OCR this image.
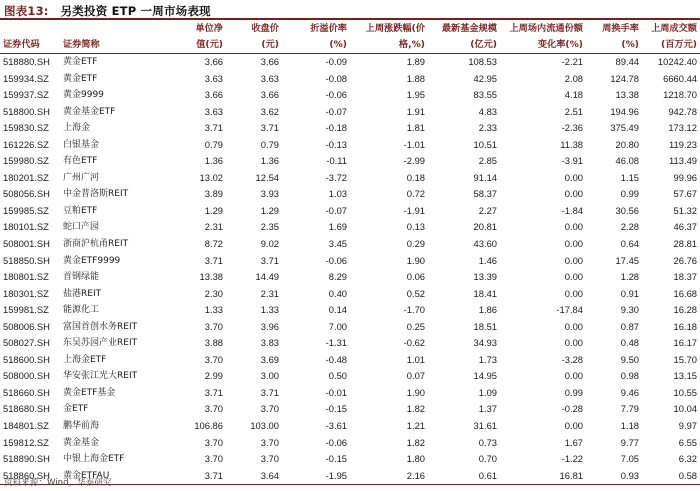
图表13: 另类投资 ETP 一周市场表现
		单位净	收盘价	折溢价率	上周涨跌幅(价	最新基金规模	上周场内流通份额	周换手率	上周成交额
证券代码	证券简称	值(元)	(元)	(%)	格,%)	(亿元)	变化率(%)	(%)	(百万元)
518880.SH	黄金ETF	3.66	3.66	-0.09	1.89	108.53	-2.21	89.44	10242.40
159934.SZ	黄金ETF	3.63	3.63	-0.08	1.88	42.95	2.08	124.78	6660.44
159937.SZ	黄金9999	3.66	3.66	-0.06	1.95	83.55	4.18	13.38	1218.70
518800.SH	黄金基金ETF	3.63	3.62	-0.07	1.91	4.83	2.51	194.96	942.78
159830.SZ	上海金	3.71	3.71	-0.18	1.81	2.33	-2.36	375.49	173.12
161226.SZ	白银基金	0.79	0.79	-0.13	-1.01	10.51	11.38	20.80	119.23
159980.SZ	有色ETF	1.36	1.36	-0.11	-2.99	2.85	-3.91	46.08	113.49
180201.SZ	广州广河	13.02	12.54	-3.72	0.18	91.14	0.00	1.15	99.96
508056.SH	中金普洛斯REIT	3.89	3.93	1.03	0.72	58.37	0.00	0.99	57.67
159985.SZ	豆粕ETF	1.29	1.29	-0.07	-1.91	2.27	-1.84	30.56	51.32
180101.SZ	蛇口产园	2.31	2.35	1.69	0.13	20.81	0.00	2.28	46.37
508001.SH	浙商沪杭甬REIT	8.72	9.02	3.45	0.29	43.60	0.00	0.64	28.81
518850.SH	黄金ETF9999	3.71	3.71	-0.06	1.90	1.46	0.00	17.45	26.76
180801.SZ	首钢绿能	13.38	14.49	8.29	0.06	13.39	0.00	1.28	18.37
180301.SZ	盐港REIT	2.30	2.31	0.40	0.52	18.41	0.00	0.91	16.68
159981.SZ	能源化工	1.33	1.33	0.14	-1.70	1.86	-17.84	9.30	16.28
508006.SH	富国首创水务REIT	3.70	3.96	7.00	0.25	18.51	0.00	0.87	16.18
508027.SH	东吴苏园产业REIT	3.88	3.83	-1.31	-0.62	34.93	0.00	0.48	16.17
518600.SH	上海金ETF	3.70	3.69	-0.48	1.01	1.73	-3.28	9.50	15.70
508000.SH	华安张江光大REIT	2.99	3.00	0.50	0.07	14.95	0.00	0.98	13.15
518660.SH	黄金ETF基金	3.71	3.71	-0.01	1.90	1.09	0.99	9.46	10.55
518680.SH	金ETF	3.70	3.70	-0.15	1.82	1.37	-0.28	7.79	10.04
184801.SZ	鹏华前海	106.86	103.00	-3.61	1.21	31.61	0.00	1.18	9.97
159812.SZ	黄金基金	3.70	3.70	-0.06	1.82	0.73	1.67	9.77	6.55
518890.SH	中银上海金ETF	3.70	3.70	-0.15	1.80	0.70	-1.22	7.05	6.32
518860.SH	黄金ETFAU	3.71	3.64	-1.95	2.16	0.61	16.81	0.93	0.58
资料来源：Wind，华泰研究
